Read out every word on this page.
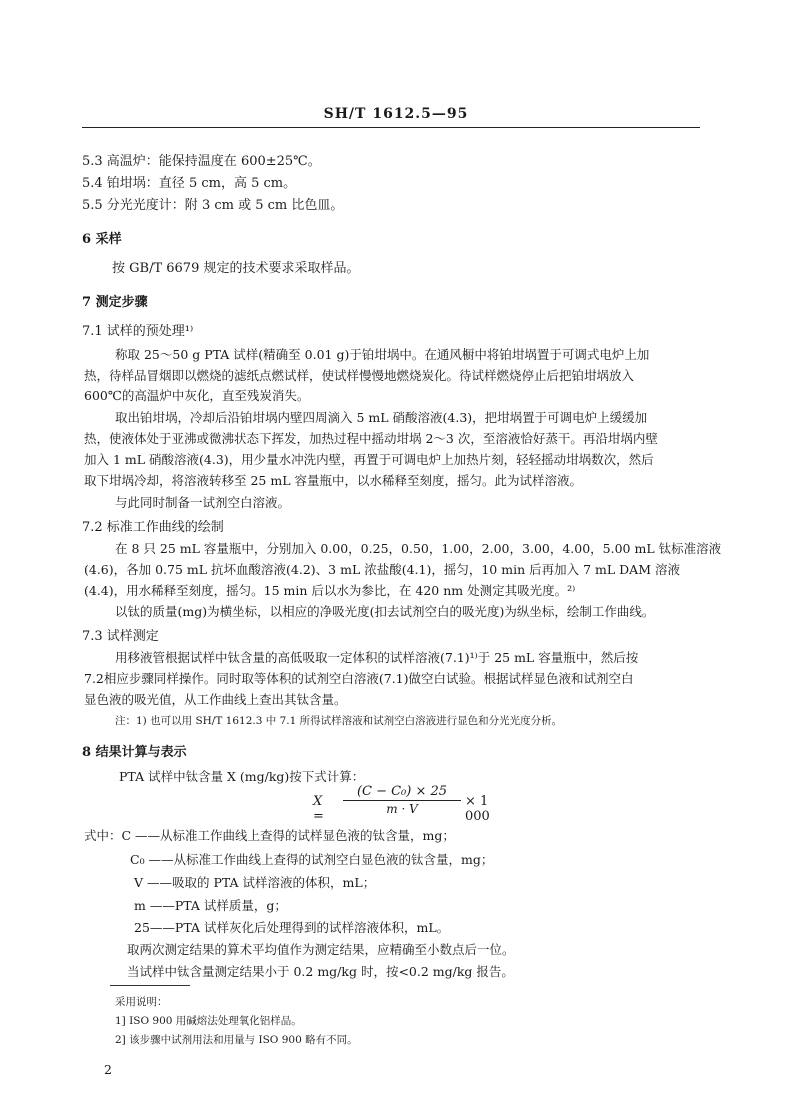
SH/T 1612.5—95
5.3 高温炉：能保持温度在 600±25℃。
5.4 铂坩埚：直径 5 cm，高 5 cm。
5.5 分光光度计：附 3 cm 或 5 cm 比色皿。
6 采样
按 GB/T 6679 规定的技术要求采取样品。
7 测定步骤
7.1 试样的预处理¹⁾
称取 25～50 g PTA 试样(精确至 0.01 g)于铂坩埚中。在通风橱中将铂坩埚置于可调式电炉上加
热，待样品冒烟即以燃烧的滤纸点燃试样，使试样慢慢地燃烧炭化。待试样燃烧停止后把铂坩埚放入
600℃的高温炉中灰化，直至残炭消失。
取出铂坩埚，冷却后沿铂坩埚内壁四周滴入 5 mL 硝酸溶液(4.3)，把坩埚置于可调电炉上缓缓加
热，使液体处于亚沸或微沸状态下挥发，加热过程中摇动坩埚 2～3 次，至溶液恰好蒸干。再沿坩埚内壁
加入 1 mL 硝酸溶液(4.3)，用少量水冲洗内壁，再置于可调电炉上加热片刻，轻轻摇动坩埚数次，然后
取下坩埚冷却，将溶液转移至 25 mL 容量瓶中，以水稀释至刻度，摇匀。此为试样溶液。
与此同时制备一试剂空白溶液。
7.2 标准工作曲线的绘制
在 8 只 25 mL 容量瓶中，分别加入 0.00，0.25，0.50，1.00，2.00，3.00，4.00，5.00 mL 钛标准溶液
(4.6)，各加 0.75 mL 抗坏血酸溶液(4.2)、3 mL 浓盐酸(4.1)，摇匀，10 min 后再加入 7 mL DAM 溶液
(4.4)，用水稀释至刻度，摇匀。15 min 后以水为参比，在 420 nm 处测定其吸光度。²⁾
以钛的质量(mg)为横坐标，以相应的净吸光度(扣去试剂空白的吸光度)为纵坐标，绘制工作曲线。
7.3 试样测定
用移液管根据试样中钛含量的高低吸取一定体积的试样溶液(7.1)¹⁾于 25 mL 容量瓶中，然后按
7.2相应步骤同样操作。同时取等体积的试剂空白溶液(7.1)做空白试验。根据试样显色液和试剂空白
显色液的吸光值，从工作曲线上查出其钛含量。
注：1) 也可以用 SH/T 1612.3 中 7.1 所得试样溶液和试剂空白溶液进行显色和分光光度分析。
8 结果计算与表示
PTA 试样中钛含量 X (mg/kg)按下式计算：
X =
$\frac{\text{(C − C₀) × 25}}{m \cdot V} \times 1$ 000
式中：C ——从标准工作曲线上查得的试样显色液的钛含量，mg；
C₀ ——从标准工作曲线上查得的试剂空白显色液的钛含量，mg；
V ——吸取的 PTA 试样溶液的体积，mL；
m ——PTA 试样质量，g；
25——PTA 试样灰化后处理得到的试样溶液体积，mL。
取两次测定结果的算术平均值作为测定结果，应精确至小数点后一位。
当试样中钛含量测定结果小于 0.2 mg/kg 时，按<0.2 mg/kg 报告。
采用说明：
1] ISO 900 用碱熔法处理氧化铝样品。
2] 该步骤中试剂用法和用量与 ISO 900 略有不同。
2
